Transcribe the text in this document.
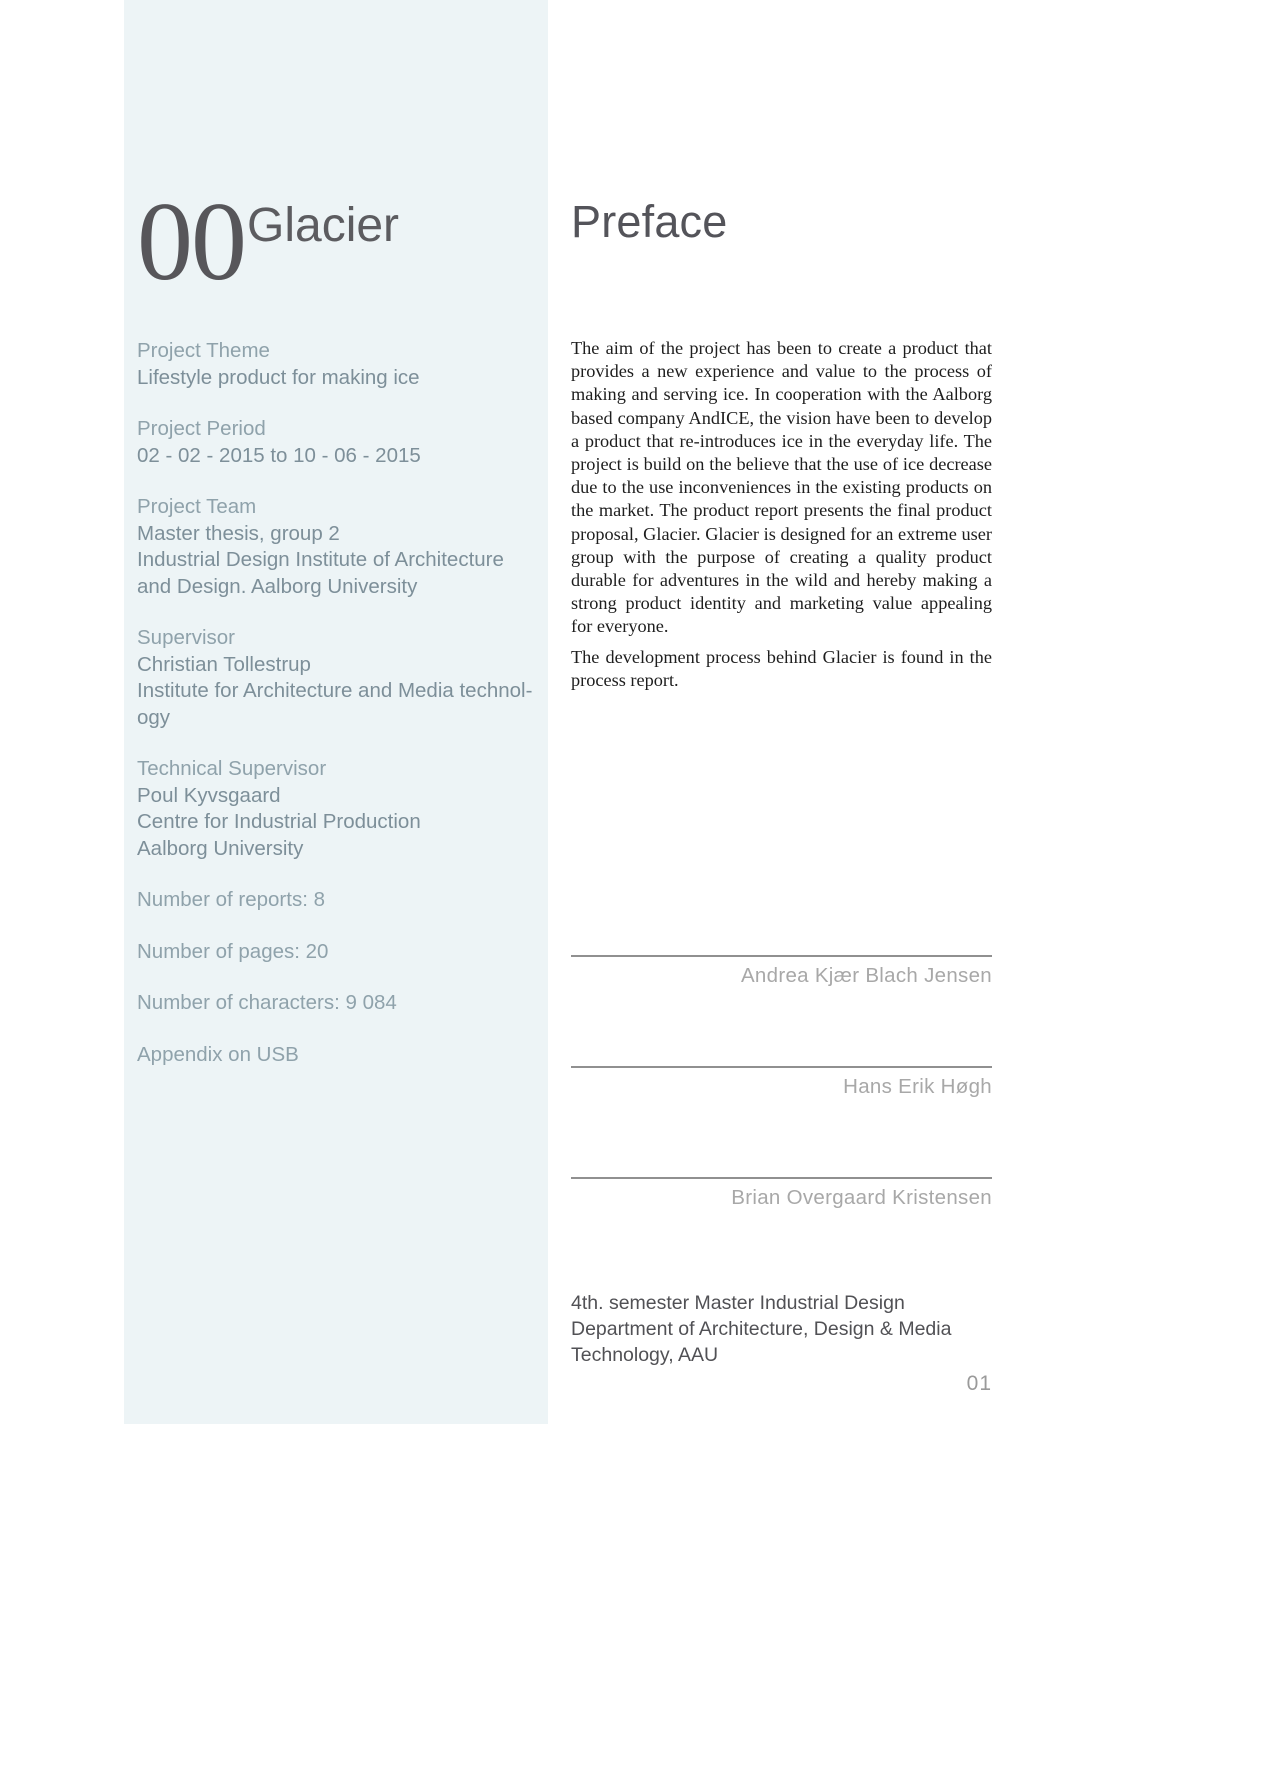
00Glacier
Project Theme
Lifestyle product for making ice
Project Period
02 - 02 - 2015 to 10 - 06 - 2015
Project Team
Master thesis, group 2
Industrial Design Institute of Architecture
and Design. Aalborg University
Supervisor
Christian Tollestrup
Institute for Architecture and Media technol-
ogy
Technical Supervisor
Poul Kyvsgaard
Centre for Industrial Production
Aalborg University
Number of reports: 8
Number of pages: 20
Number of characters: 9 084
Appendix on USB
Preface

The aim of the project has been to create a product that provides a new experience and value to the process of making and serving ice. In cooperation with the Aalborg based company AndICE, the vision have been to develop a product that re-introduces ice in the everyday life. The project is build on the believe that the use of ice decrease due to the use inconveniences in the existing products on the market. The product report presents the final product proposal, Glacier. Glacier is designed for an extreme user group with the purpose of creating a quality product durable for adventures in the wild and hereby making a strong product identity and marketing value appealing for everyone.

The development process behind Glacier is found in the process report.

Andrea Kjær Blach Jensen
Hans Erik Høgh
Brian Overgaard Kristensen
4th. semester Master Industrial Design Department of Architecture, Design & Media Technology, AAU
01
